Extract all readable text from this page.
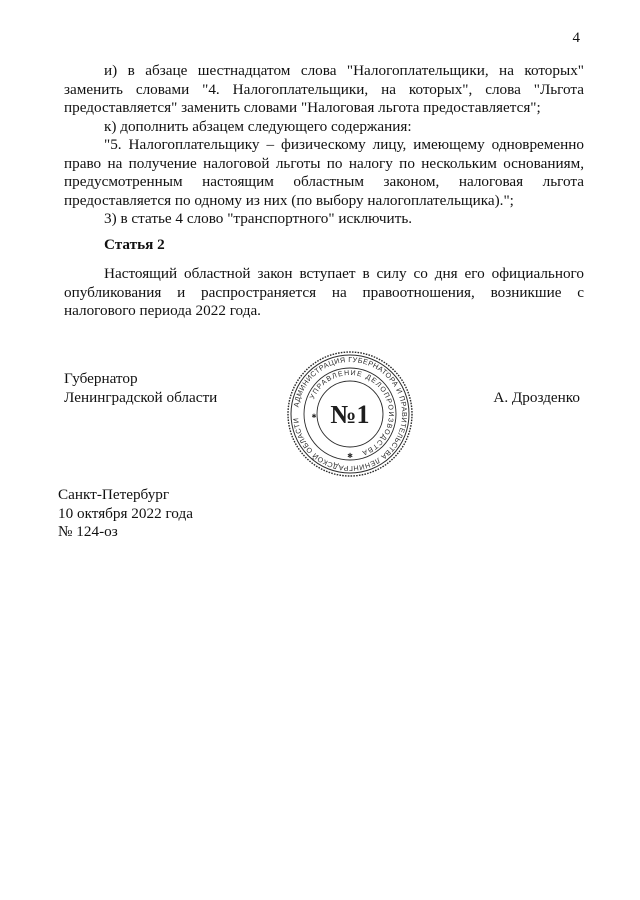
4

и) в абзаце шестнадцатом слова "Налогоплательщики, на которых" заменить словами "4. Налогоплательщики, на которых", слова "Льгота предоставляется" заменить словами "Налоговая льгота предоставляется";

к) дополнить абзацем следующего содержания:

"5. Налогоплательщику – физическому лицу, имеющему одновременно право на получение налоговой льготы по налогу по нескольким основаниям, предусмотренным настоящим областным законом, налоговая льгота предоставляется по одному из них (по выбору налогоплательщика).";

3) в статье 4 слово "транспортного" исключить.

Статья 2

Настоящий областной закон вступает в силу со дня его официального опубликования и распространяется на правоотношения, возникшие с налогового периода 2022 года.

Губернатор
Ленинградской области	АДМИНИСТРАЦИЯ ГУБЕРНАТОРА И ПРАВИТЕЛЬСТВА ЛЕНИНГРАДСКОЙ ОБЛАСТИ
УПРАВЛЕНИЕ ДЕЛОПРОИЗВОДСТВА
№1
✱
✱
А. Дрозденко
Санкт-Петербург
10 октября 2022 года
№ 124-оз
